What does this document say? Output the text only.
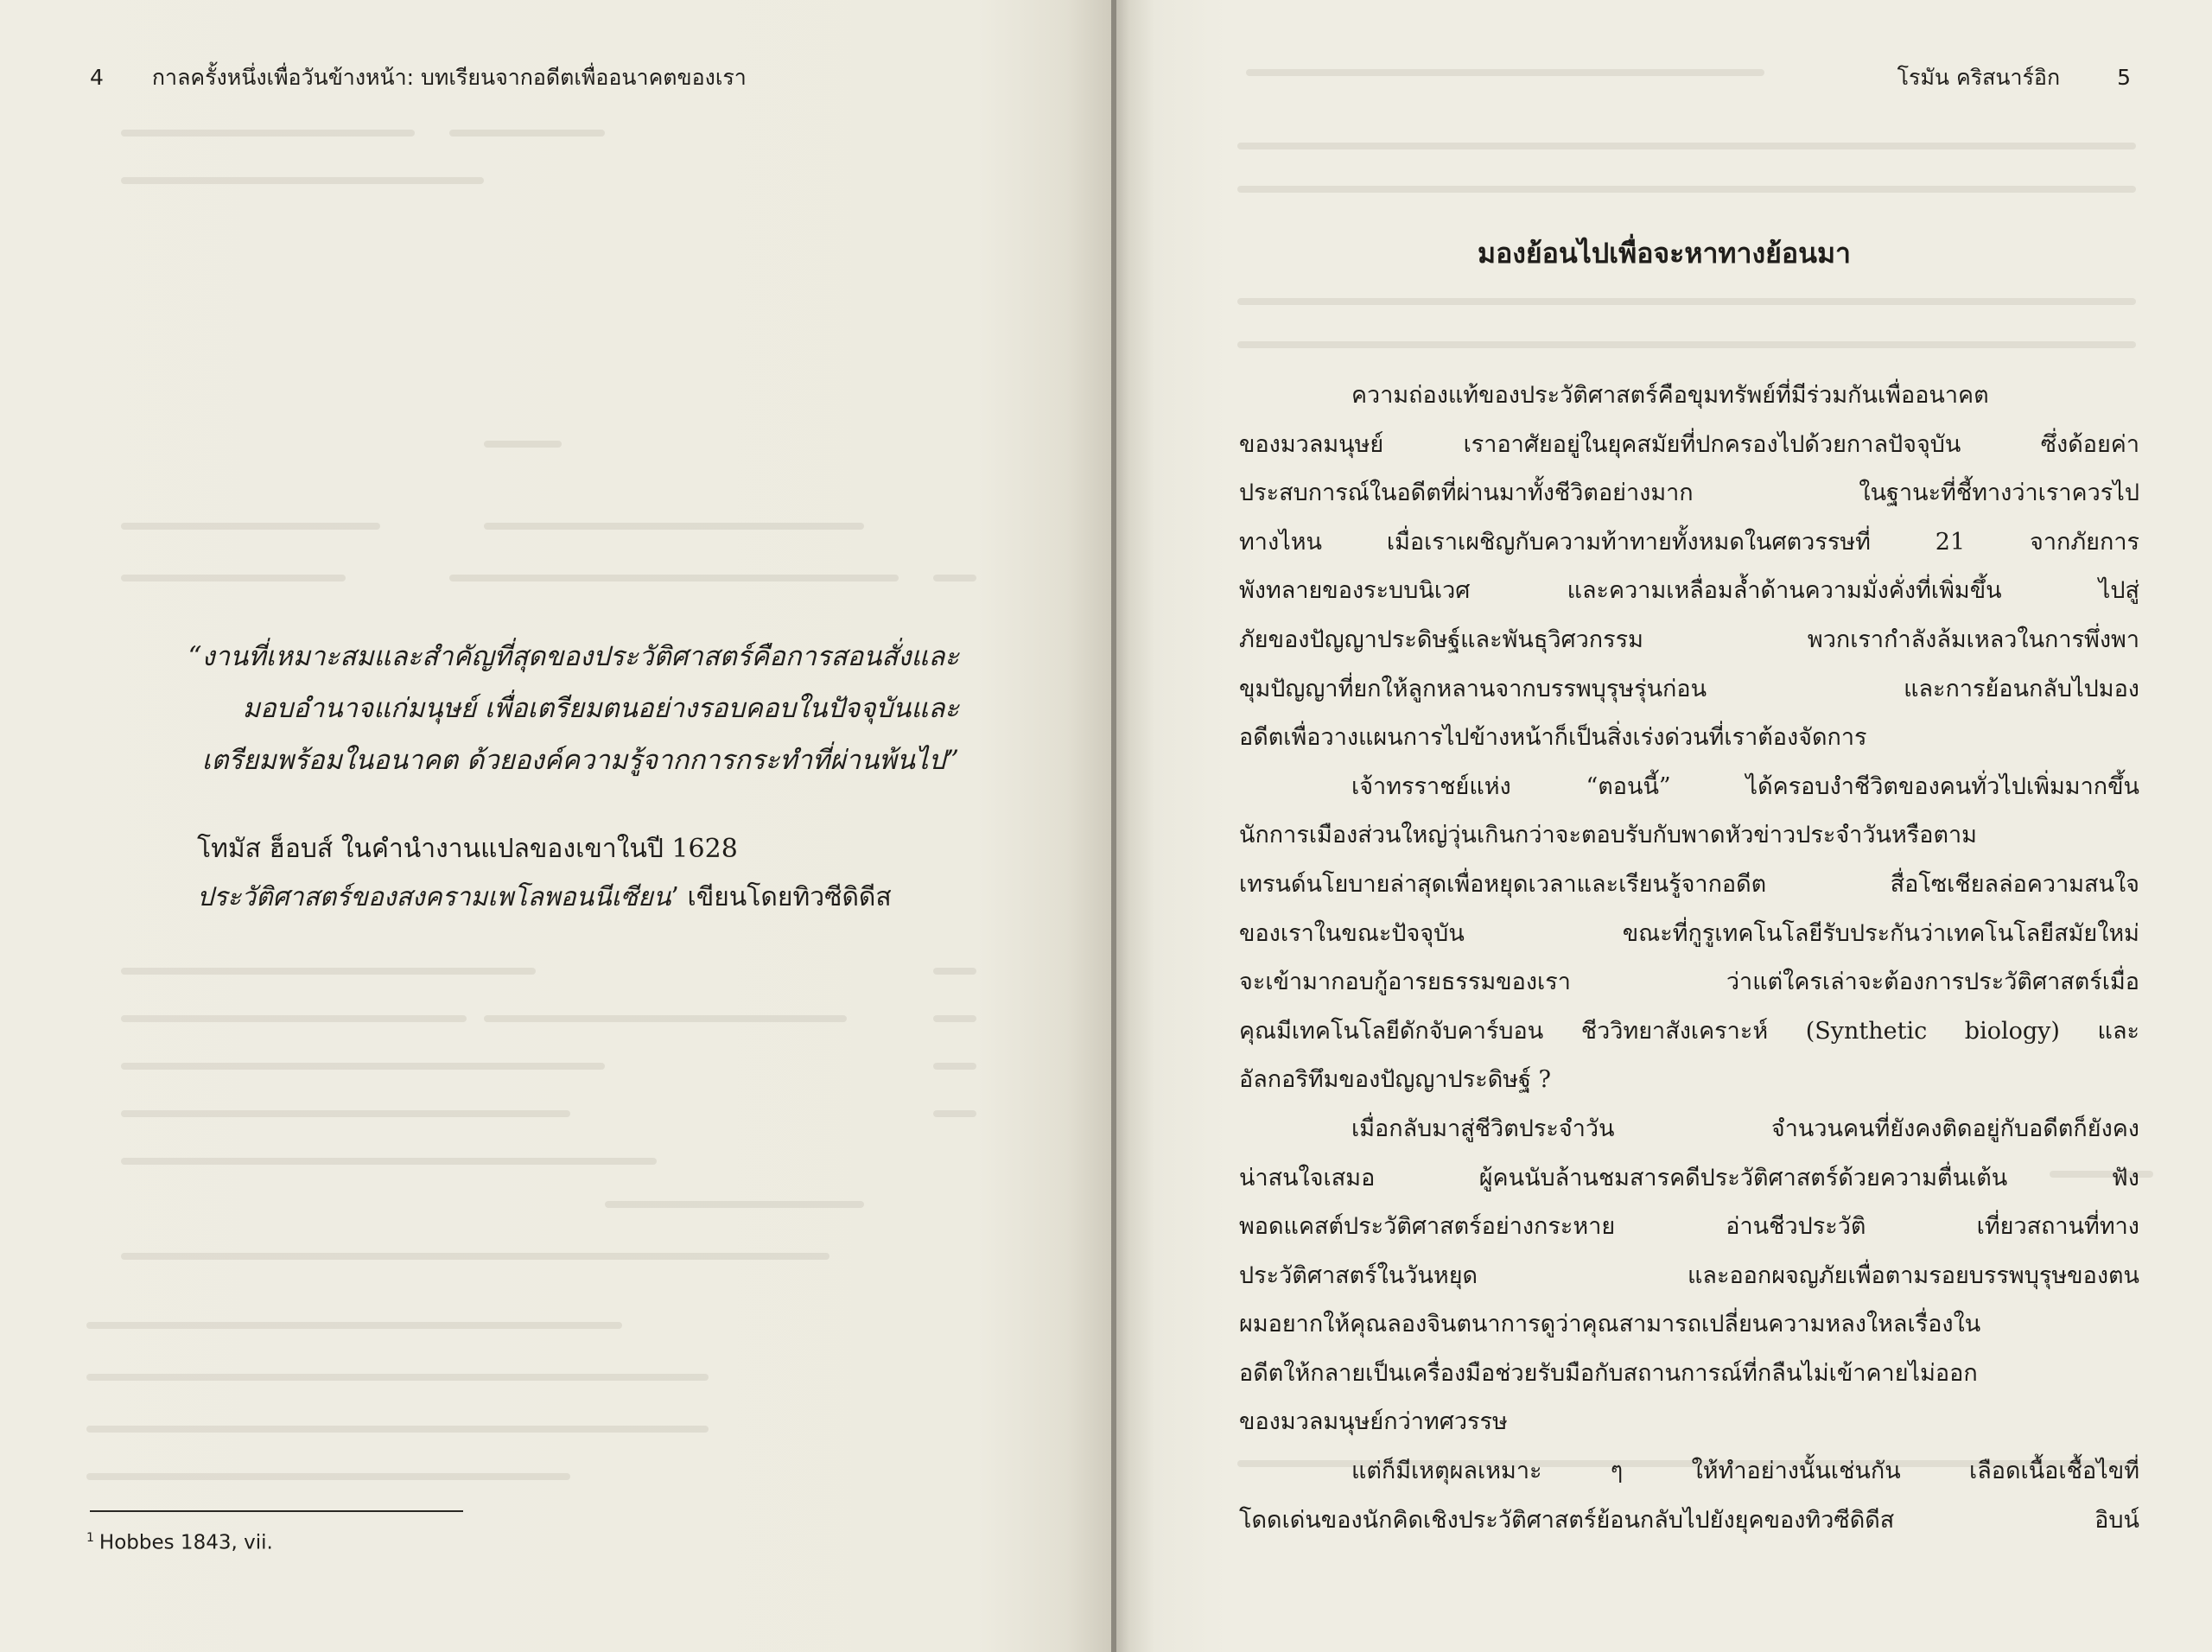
4 กาลครั้งหนึ่งเพื่อวันข้างหน้า: บทเรียนจากอดีตเพื่ออนาคตของเรา

“งานที่เหมาะสมและสำคัญที่สุดของประวัติศาสตร์คือการสอนสั่งและ

มอบอำนาจแก่มนุษย์ เพื่อเตรียมตนอย่างรอบคอบในปัจจุบันและ

เตรียมพร้อมในอนาคต ด้วยองค์ความรู้จากการกระทำที่ผ่านพ้นไป”

โทมัส ฮ็อบส์ ในคำนำงานแปลของเขาในปี 1628

ประวัติศาสตร์ของสงครามเพโลพอนนีเซียน’ เขียนโดยทิวซีดิดีส

$^1$ Hobbes 1843, vii.
โรมัน คริสนาร์อิก	5
มองย้อนไปเพื่อจะหาทางย้อนมา

ความถ่องแท้ของประวัติศาสตร์คือขุมทรัพย์ที่มีร่วมกันเพื่ออนาคต

ของมวลมนุษย์ เราอาศัยอยู่ในยุคสมัยที่ปกครองไปด้วยกาลปัจจุบัน ซึ่งด้อยค่า

ประสบการณ์ในอดีตที่ผ่านมาทั้งชีวิตอย่างมาก ในฐานะที่ชี้ทางว่าเราควรไป

ทางไหน เมื่อเราเผชิญกับความท้าทายทั้งหมดในศตวรรษที่ 21 จากภัยการ

พังทลายของระบบนิเวศ และความเหลื่อมล้ำด้านความมั่งคั่งที่เพิ่มขึ้น ไปสู่

ภัยของปัญญาประดิษฐ์และพันธุวิศวกรรม พวกเรากำลังล้มเหลวในการพึ่งพา

ขุมปัญญาที่ยกให้ลูกหลานจากบรรพบุรุษรุ่นก่อน และการย้อนกลับไปมอง

อดีตเพื่อวางแผนการไปข้างหน้าก็เป็นสิ่งเร่งด่วนที่เราต้องจัดการ

เจ้าทรราชย์แห่ง “ตอนนี้” ได้ครอบงำชีวิตของคนทั่วไปเพิ่มมากขึ้น

นักการเมืองส่วนใหญ่วุ่นเกินกว่าจะตอบรับกับพาดหัวข่าวประจำวันหรือตาม

เทรนด์นโยบายล่าสุดเพื่อหยุดเวลาและเรียนรู้จากอดีต สื่อโซเชียลล่อความสนใจ

ของเราในขณะปัจจุบัน ขณะที่กูรูเทคโนโลยีรับประกันว่าเทคโนโลยีสมัยใหม่

จะเข้ามากอบกู้อารยธรรมของเรา ว่าแต่ใครเล่าจะต้องการประวัติศาสตร์เมื่อ

คุณมีเทคโนโลยีดักจับคาร์บอน ชีววิทยาสังเคราะห์ (Synthetic biology) และ

อัลกอริทึมของปัญญาประดิษฐ์ ?

เมื่อกลับมาสู่ชีวิตประจำวัน จำนวนคนที่ยังคงติดอยู่กับอดีตก็ยังคง

น่าสนใจเสมอ ผู้คนนับล้านชมสารคดีประวัติศาสตร์ด้วยความตื่นเต้น ฟัง

พอดแคสต์ประวัติศาสตร์อย่างกระหาย อ่านชีวประวัติ เที่ยวสถานที่ทาง

ประวัติศาสตร์ในวันหยุด และออกผจญภัยเพื่อตามรอยบรรพบุรุษของตน

ผมอยากให้คุณลองจินตนาการดูว่าคุณสามารถเปลี่ยนความหลงใหลเรื่องใน

อดีตให้กลายเป็นเครื่องมือช่วยรับมือกับสถานการณ์ที่กลืนไม่เข้าคายไม่ออก

ของมวลมนุษย์กว่าทศวรรษ

แต่ก็มีเหตุผลเหมาะ ๆ ให้ทำอย่างนั้นเช่นกัน เลือดเนื้อเชื้อไขที่

โดดเด่นของนักคิดเชิงประวัติศาสตร์ย้อนกลับไปยังยุคของทิวซีดิดีส อิบน์
